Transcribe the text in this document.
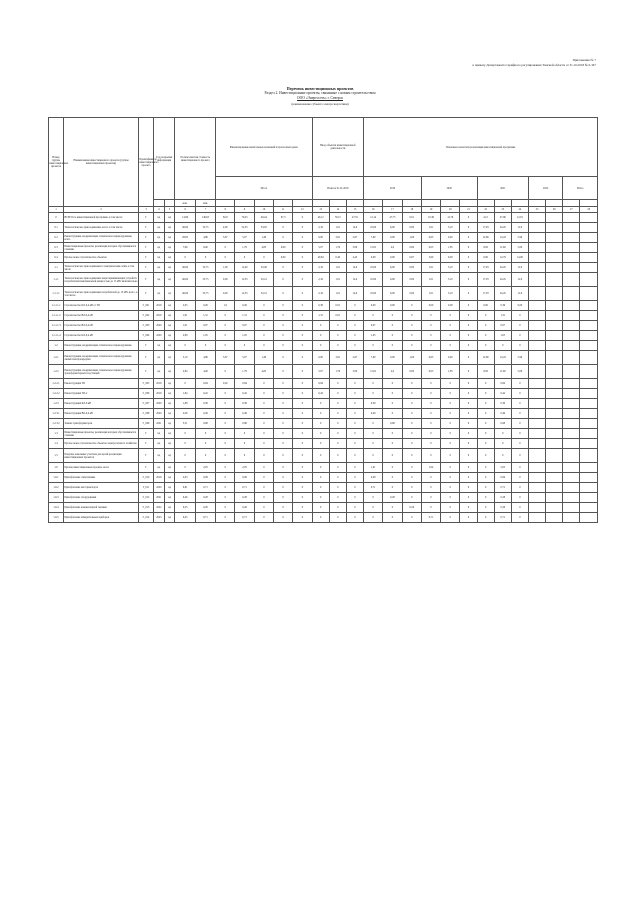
Приложение № 7
к приказу Департамента тарифного регулирования Томской области от 31.10.2018 № 6-347
Перечень инвестиционных проектов
Раздел 2. Инвестиционные проекты, связанные с новым строительством
ООО «Энергосеть» г. Северск
(наименование субъекта электроэнергетики)
Номер группы инвестиционных проектов	Наименование инвестиционного проекта (группы инвестиционных проектов)	Идентификатор инвестиционного проекта	Год раскрытия информации		Полная сметная стоимость инвестиционного проекта		Финансирование капитальных вложений в прогнозных ценах					Ввод объектов инвестиционной деятельности			Плановые показатели реализации инвестиционной программы												
							Итого					План на 01.01.2019			2019			2020			2021			2022		Итого	
					млн.	млн.																					
1	2	3	4	5	6	7	8	9	10	11	12	13	14	15	16	17	18	19	20	21	22	23	24	25	26	27	28
0	ВСЕГО по инвестиционной программе, в том числе:	Г	нд	нд	14,99	140,65	82,8	79,23	46,44	97,3	0	40,12	79,15	47,55	12,14	47,75	0,01	10,36	12,76	0	41,5	47,96	12,81				
0.1	Технологическое присоединение, всего, в том числе:	Г	нд	нд	46,00	35,75	4,00	52,33	33,02	0	0	2,16	1,01	14,0	10,00	6,00	0,00	1,01	3,10	0	17,03	24,45	12,0				
0.2	Реконструкция, модернизация, техническое перевооружение, всего	Г	нд	нд	28,95	4,86	3,67	5,07	1,48	0	0	0,00	3,91	2,67	7,90	0,00	1,06	0,63	0,40	0	12,66	14,43	5,99				
0.3	Инвестиционные проекты, реализация которых обуславливается схемами	Г	нд	нд	7,96	8,40	0	1,79	4,85	0,00	0	5,07	1,79	3,00	15,81	4,0	0,00	0,05	1,85	0	8,82	11,60	5,00				
0.4	Прочее новое строительство объектов	Г	нд	нд	0	0	0	0	0	0,00	0	40,84	0,40	4,45	0,09	0,00	0,67	5,60	6,00	0	0,00	14,79	14,00				
1.1	Технологическое присоединение к электрическим сетям, в том числе	Г	нд	нд	46,00	35,75	1,00	12,40	32,48	0	0	2,16	1,01	14,0	10,00	6,00	0,00	1,01	3,10	0	17,03	24,45	12,0				
1.1.1	Технологическое присоединение энергопринимающих устройств потребителей максимальной мощностью до 15 кВт включительно	Г	нд	нд	46,00	35,75	0,00	12,33	32,41	0	0	2,16	1,01	14,0	10,00	6,00	0,00	1,01	3,10	0	17,03	24,45	12,0				
1.1.1.1	Технологическое присоединение потребителей до 15 кВт, всего, в том числе	Г	нд	нд	46,00	35,75	0,00	12,33	32,41	0	0	2,16	1,01	14,0	10,00	6,00	0,00	1,01	3,10	0	17,03	24,45	12,0				
1.1.1.1.1	Строительство КЛ-0,4 кВ от ТП	Г_001	2019	нд	2,05	0,26	1,0	0,26	0	0	0	0,36	0,01	0	0,00	0,00	0	0,00	0,00	0	0,00	0,36	0,00				
1.1.1.1.2	Строительство ВЛ-0,4 кВ	Г_002	2019	нд	1,61	1,31	0	1,31	0	0	0	1,31	0,01	0	0	0	0	0	0	0	0	1,31	0				
1.1.1.1.3	Строительство ВЛ-0,4 кВ	Г_003	2020	нд	1,01	0,07	0	0,07	0	0	0	0	0	0	0,07	0	0	0	0	0	0	0,07	0				
1.1.1.1.4	Строительство КЛ-0,4 кВ	Г_004	2020	нд	2,98	1,05	0	1,05	0	0	0	0	0	0	1,05	0	0	0	0	0	0	1,05	0				
1.2	Реконструкция, модернизация, техническое перевооружение	Г	нд	нд	0	0	0	0	0	0	0	0	0	0	0	0	0	0	0	0	0	0	0				
1.2.1	Реконструкция, модернизация, техническое перевооружение линий электропередачи	Г	нд	нд	5,10	4,86	3,67	5,07	1,48	0	0	0,00	3,91	2,67	7,90	0,00	1,06	0,63	0,40	0	12,66	14,43	5,99				
1.2.2	Реконструкция, модернизация, техническое перевооружение трансформаторных подстанций	Г	нд	нд	2,84	4,40	0	1,79	4,85	0	0	5,07	1,79	3,00	15,81	4,0	0,00	0,05	1,85	0	8,82	11,60	5,00				
1.2.2.1	Реконструкция ТП	Г_005	2019	нд	0	0,84	0,02	0,84	0	0	0	0,84	0	0	0	0	0	0	0	0	0	0,84	0				
1.2.2.2	Реконструкция ТП-2	Г_006	2019	нд	1,84	0,42	0	0,42	0	0	0	0,42	0	0	0	0	0	0	0	0	0	0,42	0				
1.2.3	Реконструкция КЛ-6 кВ	Г_007	2020	нд	1,88	0,39	0	0,39	0	0	0	0	0	0	0,39	0	0	0	0	0	0	0,39	0				
1.2.3.1	Реконструкция ВЛ-0,4 кВ	Г_008	2020	нд	2,09	0,49	0	0,49	0	0	0	0	0	0	0,49	0	0	0	0	0	0	0,49	0				
1.2.3.2	Замена трансформаторов	Г_009	2021	нд	3,51	0,98	0	0,98	0	0	0	0	0	0	0	0,98	0	0	0	0	0	0,98	0				
1.3	Инвестиционные проекты, реализация которых обуславливается схемами	Г	нд	нд	0	0	0	0	0	0	0	0	0	0	0	0	0	0	0	0	0	0	0				
1.4	Прочее новое строительство объектов электросетевого хозяйства	Г	нд	нд	0	0	0	0	0	0	0	0	0	0	0	0	0	0	0	0	0	0	0				
1.5	Покупка земельных участков для целей реализации инвестиционных проектов	Г	нд	нд	0	0	0	0	0	0	0	0	0	0	0	0	0	0	0	0	0	0	0				
1.6	Прочие инвестиционные проекты, всего	Г	нд	нд	0	2,05	0	2,05	0	0	0	0	0	0	1,01	0	0	1,04	0	0	0	2,05	0				
1.6.1	Приобретение спецтехники	Г_010	2019	нд	2,03	0,09	0	0,09	0	0	0	0	0	0	0,09	0	0	0	0	0	0	0,09	0				
1.6.2	Приобретение автотранспорта	Г_011	2020	нд	0,81	0,71	0	0,71	0	0	0	0	0	0	0,71	0	0	0	0	0	0	0,71	0				
1.6.3	Приобретение оборудования	Г_012	2021	нд	0,46	0,28	0	0,28	0	0	0	0	0	0	0	0,28	0	0	0	0	0	0,28	0				
1.6.4	Приобретение компьютерной техники	Г_013	2022	нд	0,25	0,26	0	0,26	0	0	0	0	0	0	0	0	0,26	0	0	0	0	0,26	0				
1.6.5	Приобретение измерительных приборов	Г_014	2023	нд	0,45	0,71	0	0,71	0	0	0	0	0	0	0	0	0	0,71	0	0	0	0,71	0				
